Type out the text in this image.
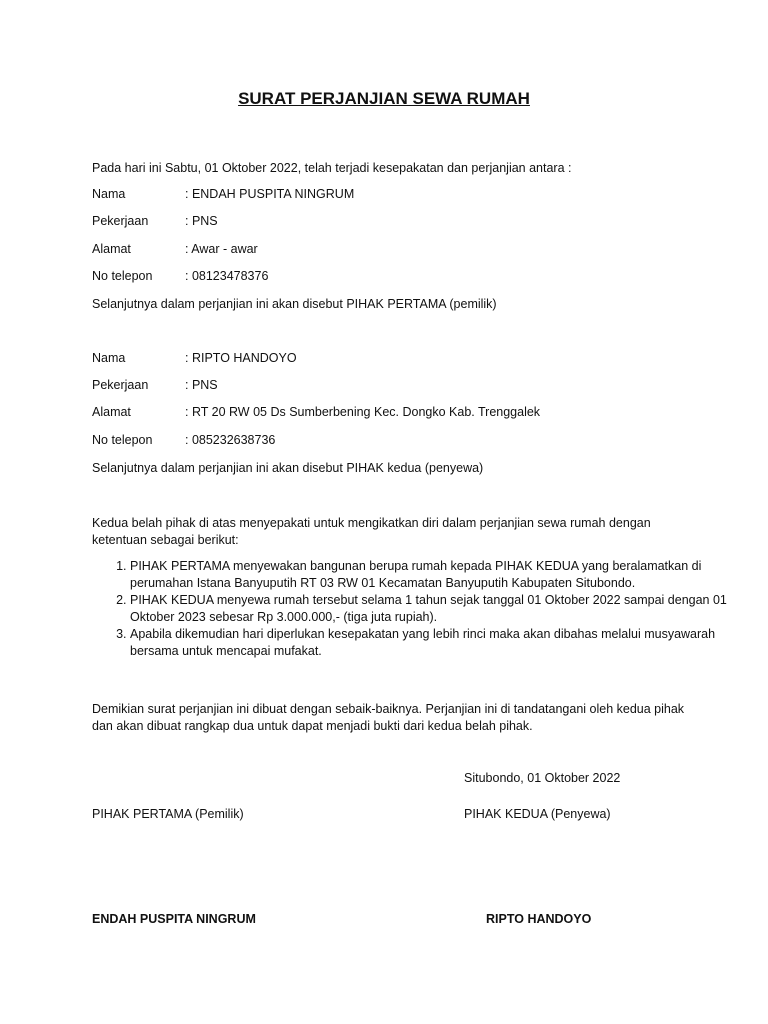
SURAT PERJANJIAN SEWA RUMAH
Pada hari ini Sabtu, 01 Oktober 2022, telah terjadi kesepakatan dan perjanjian antara :
Nama	: ENDAH PUSPITA NINGRUM
Pekerjaan	: PNS
Alamat	: Awar - awar
No telepon	: 08123478376
Selanjutnya dalam perjanjian ini akan disebut PIHAK PERTAMA (pemilik)
Nama	: RIPTO HANDOYO
Pekerjaan	: PNS
Alamat	: RT 20 RW 05 Ds Sumberbening Kec. Dongko Kab. Trenggalek
No telepon	: 085232638736
Selanjutnya dalam perjanjian ini akan disebut PIHAK kedua (penyewa)
Kedua belah pihak di atas menyepakati untuk mengikatkan diri dalam perjanjian sewa rumah dengan ketentuan sebagai berikut:
1. PIHAK PERTAMA menyewakan bangunan berupa rumah kepada PIHAK KEDUA yang beralamatkan di perumahan Istana Banyuputih RT 03 RW 01 Kecamatan Banyuputih Kabupaten Situbondo.
2. PIHAK KEDUA menyewa rumah tersebut selama 1 tahun sejak tanggal 01 Oktober 2022 sampai dengan 01 Oktober 2023 sebesar Rp 3.000.000,- (tiga juta rupiah).
3. Apabila dikemudian hari diperlukan kesepakatan yang lebih rinci maka akan dibahas melalui musyawarah bersama untuk mencapai mufakat.
Demikian surat perjanjian ini dibuat dengan sebaik-baiknya. Perjanjian ini di tandatangani oleh kedua pihak dan akan dibuat rangkap dua untuk dapat menjadi bukti dari kedua belah pihak.
Situbondo, 01 Oktober 2022
PIHAK PERTAMA (Pemilik)	PIHAK KEDUA (Penyewa)
ENDAH PUSPITA NINGRUM	RIPTO HANDOYO
